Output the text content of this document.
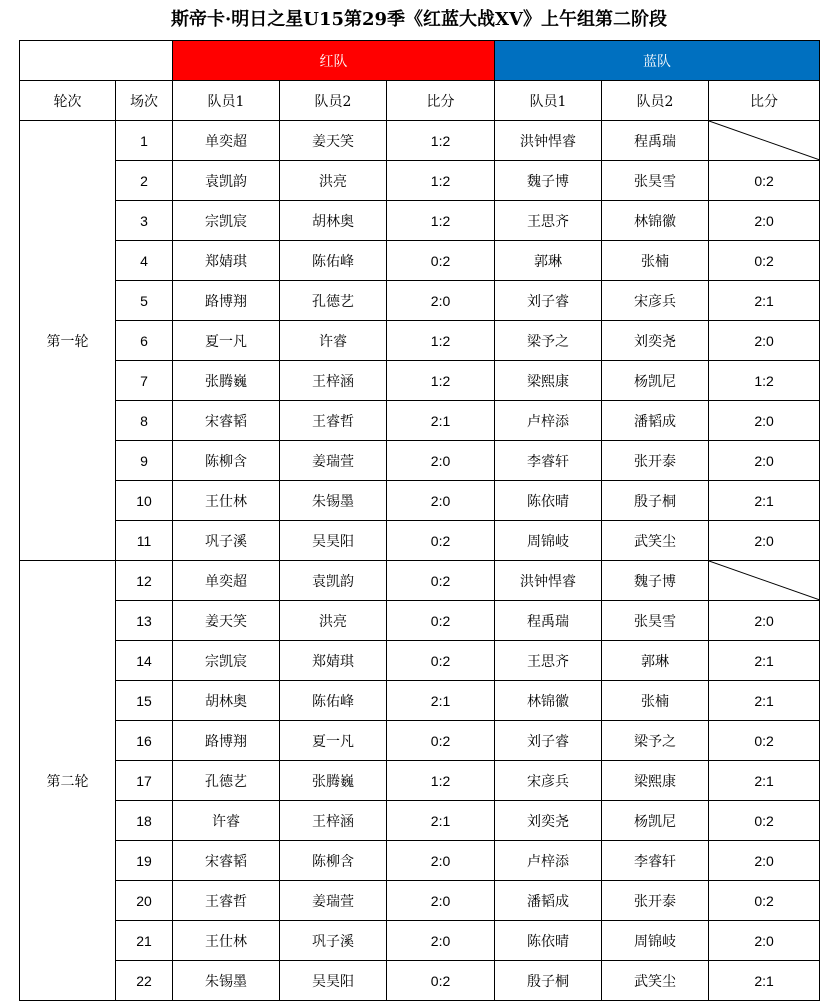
斯帝卡·明日之星U15第29季《红蓝大战XV》上午组第二阶段
		红队			蓝队		
轮次	场次	队员1	队员2	比分	队员1	队员2	比分
第一轮	1	单奕超	姜天笑	1:2	洪钟悍睿	程禹瑞	

	2	袁凯韵	洪亮	1:2	魏子博	张昊雪	0:2
	3	宗凯宸	胡林奥	1:2	王思齐	林锦徽	2:0
	4	郑婧琪	陈佑峰	0:2	郭琳	张楠	0:2
	5	路博翔	孔德艺	2:0	刘子睿	宋彦兵	2:1
	6	夏一凡	许睿	1:2	梁予之	刘奕尧	2:0
	7	张腾巍	王梓涵	1:2	梁熙康	杨凯尼	1:2
	8	宋睿韬	王睿哲	2:1	卢梓添	潘韬成	2:0
	9	陈柳含	姜瑞萱	2:0	李睿轩	张开泰	2:0
	10	王仕林	朱锡墨	2:0	陈依晴	殷子桐	2:1
	11	巩子溪	吴昊阳	0:2	周锦岐	武笑尘	2:0
第二轮	12	单奕超	袁凯韵	0:2	洪钟悍睿	魏子博	

	13	姜天笑	洪亮	0:2	程禹瑞	张昊雪	2:0
	14	宗凯宸	郑婧琪	0:2	王思齐	郭琳	2:1
	15	胡林奥	陈佑峰	2:1	林锦徽	张楠	2:1
	16	路博翔	夏一凡	0:2	刘子睿	梁予之	0:2
	17	孔德艺	张腾巍	1:2	宋彦兵	梁熙康	2:1
	18	许睿	王梓涵	2:1	刘奕尧	杨凯尼	0:2
	19	宋睿韬	陈柳含	2:0	卢梓添	李睿轩	2:0
	20	王睿哲	姜瑞萱	2:0	潘韬成	张开泰	0:2
	21	王仕林	巩子溪	2:0	陈依晴	周锦岐	2:0
	22	朱锡墨	吴昊阳	0:2	殷子桐	武笑尘	2:1
